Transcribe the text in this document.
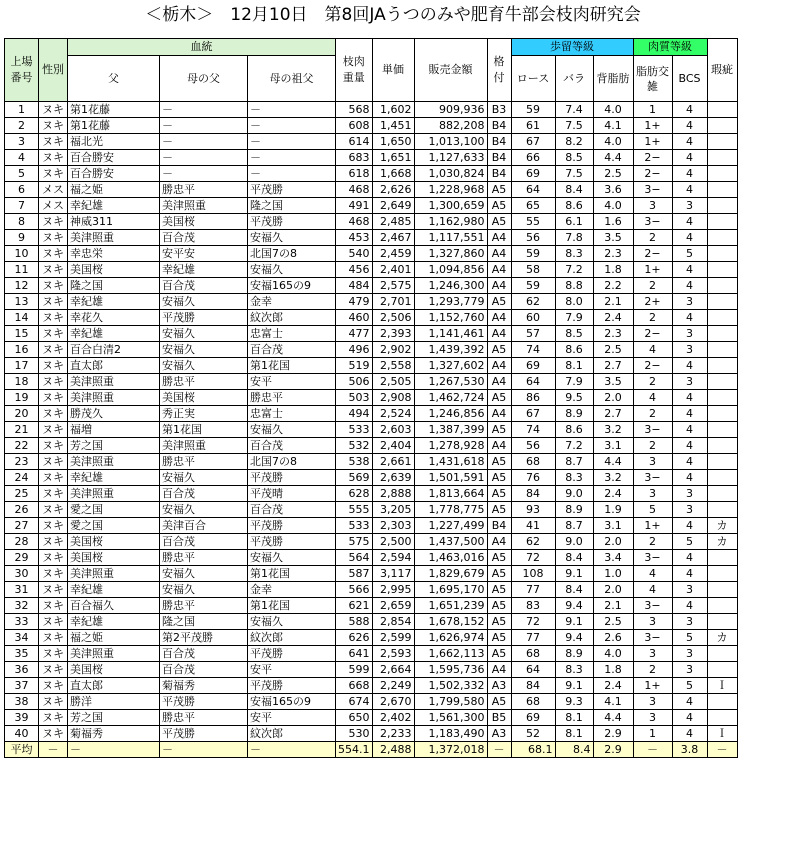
＜栃木＞　12月10日　第8回JAうつのみや肥育牛部会枝肉研究会
上場番号	性別	血統			枝肉重量	単価	販売金額	格付	歩留等級			肉質等級		瑕疵
		父	母の父	母の祖父					ロース	バラ	背脂肪	脂肪交雑	BCS	
1	ヌキ	第1花藤	－	－	568	1,602	909,936	B3	59	7.4	4.0	1	4	
2	ヌキ	第1花藤	－	－	608	1,451	882,208	B4	61	7.5	4.1	1+	4	
3	ヌキ	福北光	－	－	614	1,650	1,013,100	B4	67	8.2	4.0	1+	4	
4	ヌキ	百合勝安	－	－	683	1,651	1,127,633	B4	66	8.5	4.4	2−	4	
5	ヌキ	百合勝安	－	－	618	1,668	1,030,824	B4	69	7.5	2.5	2−	4	
6	メス	福之姫	勝忠平	平茂勝	468	2,626	1,228,968	A5	64	8.4	3.6	3−	4	
7	メス	幸紀雄	美津照重	隆之国	491	2,649	1,300,659	A5	65	8.6	4.0	3	3	
8	ヌキ	神威311	美国桜	平茂勝	468	2,485	1,162,980	A5	55	6.1	1.6	3−	4	
9	ヌキ	美津照重	百合茂	安福久	453	2,467	1,117,551	A4	56	7.8	3.5	2	4	
10	ヌキ	幸忠栄	安平安	北国7の8	540	2,459	1,327,860	A4	59	8.3	2.3	2−	5	
11	ヌキ	美国桜	幸紀雄	安福久	456	2,401	1,094,856	A4	58	7.2	1.8	1+	4	
12	ヌキ	隆之国	百合茂	安福165の9	484	2,575	1,246,300	A4	59	8.8	2.2	2	4	
13	ヌキ	幸紀雄	安福久	金幸	479	2,701	1,293,779	A5	62	8.0	2.1	2+	3	
14	ヌキ	幸花久	平茂勝	紋次郎	460	2,506	1,152,760	A4	60	7.9	2.4	2	4	
15	ヌキ	幸紀雄	安福久	忠富士	477	2,393	1,141,461	A4	57	8.5	2.3	2−	3	
16	ヌキ	百合白清2	安福久	百合茂	496	2,902	1,439,392	A5	74	8.6	2.5	4	3	
17	ヌキ	直太郎	安福久	第1花国	519	2,558	1,327,602	A4	69	8.1	2.7	2−	4	
18	ヌキ	美津照重	勝忠平	安平	506	2,505	1,267,530	A4	64	7.9	3.5	2	3	
19	ヌキ	美津照重	美国桜	勝忠平	503	2,908	1,462,724	A5	86	9.5	2.0	4	4	
20	ヌキ	勝茂久	秀正実	忠富士	494	2,524	1,246,856	A4	67	8.9	2.7	2	4	
21	ヌキ	福増	第1花国	安福久	533	2,603	1,387,399	A5	74	8.6	3.2	3−	4	
22	ヌキ	芳之国	美津照重	百合茂	532	2,404	1,278,928	A4	56	7.2	3.1	2	4	
23	ヌキ	美津照重	勝忠平	北国7の8	538	2,661	1,431,618	A5	68	8.7	4.4	3	4	
24	ヌキ	幸紀雄	安福久	平茂勝	569	2,639	1,501,591	A5	76	8.3	3.2	3−	4	
25	ヌキ	美津照重	百合茂	平茂晴	628	2,888	1,813,664	A5	84	9.0	2.4	3	3	
26	ヌキ	愛之国	安福久	百合茂	555	3,205	1,778,775	A5	93	8.9	1.9	5	3	
27	ヌキ	愛之国	美津百合	平茂勝	533	2,303	1,227,499	B4	41	8.7	3.1	1+	4	カ
28	ヌキ	美国桜	百合茂	平茂勝	575	2,500	1,437,500	A4	62	9.0	2.0	2	5	カ
29	ヌキ	美国桜	勝忠平	安福久	564	2,594	1,463,016	A5	72	8.4	3.4	3−	4	
30	ヌキ	美津照重	安福久	第1花国	587	3,117	1,829,679	A5	108	9.1	1.0	4	4	
31	ヌキ	幸紀雄	安福久	金幸	566	2,995	1,695,170	A5	77	8.4	2.0	4	3	
32	ヌキ	百合福久	勝忠平	第1花国	621	2,659	1,651,239	A5	83	9.4	2.1	3−	4	
33	ヌキ	幸紀雄	隆之国	安福久	588	2,854	1,678,152	A5	72	9.1	2.5	3	3	
34	ヌキ	福之姫	第2平茂勝	紋次郎	626	2,599	1,626,974	A5	77	9.4	2.6	3−	5	カ
35	ヌキ	美津照重	百合茂	平茂勝	641	2,593	1,662,113	A5	68	8.9	4.0	3	3	
36	ヌキ	美国桜	百合茂	安平	599	2,664	1,595,736	A4	64	8.3	1.8	2	3	
37	ヌキ	直太郎	菊福秀	平茂勝	668	2,249	1,502,332	A3	84	9.1	2.4	1+	5	Ｉ
38	ヌキ	勝洋	平茂勝	安福165の9	674	2,670	1,799,580	A5	68	9.3	4.1	3	4	
39	ヌキ	芳之国	勝忠平	安平	650	2,402	1,561,300	B5	69	8.1	4.4	3	4	
40	ヌキ	菊福秀	平茂勝	紋次郎	530	2,233	1,183,490	A3	52	8.1	2.9	1	4	Ｉ
平均	－	－	－	－	554.1	2,488	1,372,018	－	68.1	8.4	2.9	－	3.8	－
